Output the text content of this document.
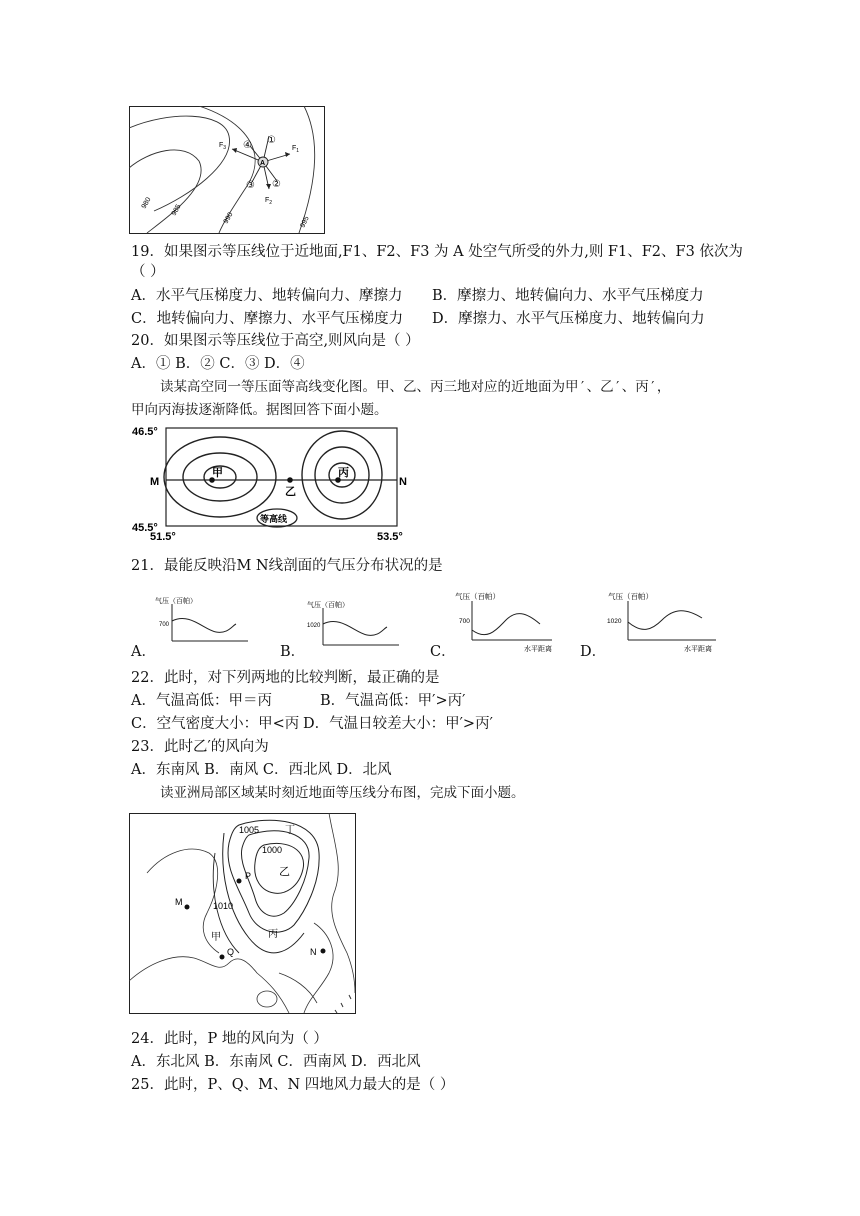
980
985
990	995
A
$F_3$	$F_1$
$F_2$
①
②
③
④
19．如果图示等压线位于近地面,F1、F2、F3 为 A 处空气所受的外力,则 F1、F2、F3 依次为
（ ）
A．水平气压梯度力、地转偏向力、摩擦力 B．摩擦力、地转偏向力、水平气压梯度力
C．地转偏向力、摩擦力、水平气压梯度力 D．摩擦力、水平气压梯度力、地转偏向力
20．如果图示等压线位于高空,则风向是（ ）
A．① B．② C．③ D．④
读某高空同一等压面等高线变化图。甲、乙、丙三地对应的近地面为甲′、乙′、丙′，
甲向丙海拔逐渐降低。据图回答下面小题。
46.5°
45.5°
51.5°	53.5°
M	N
甲
乙
丙
等高线
21．最能反映沿M N线剖面的气压分布状况的是
气压（百帕）
700
A．
气压（百帕）
1020
B．
气压（百帕）
700
水平距离
C．
气压（百帕）
1020
水平距离
D．
22．此时，对下列两地的比较判断，最正确的是
A．气温高低：甲＝丙	B．气温高低：甲′>丙′
C．空气密度大小：甲<丙 D．气温日较差大小：甲′>丙′
23．此时乙′的风向为
A．东南风 B．南风 C．西北风 D．北风
读亚洲局部区域某时刻近地面等压线分布图，完成下面小题。
1005
1000
1010
丁
乙
P
M
甲
Q
丙
N
24．此时，P 地的风向为（ ）
A．东北风 B．东南风 C．西南风 D．西北风
25．此时，P、Q、M、N 四地风力最大的是（ ）
